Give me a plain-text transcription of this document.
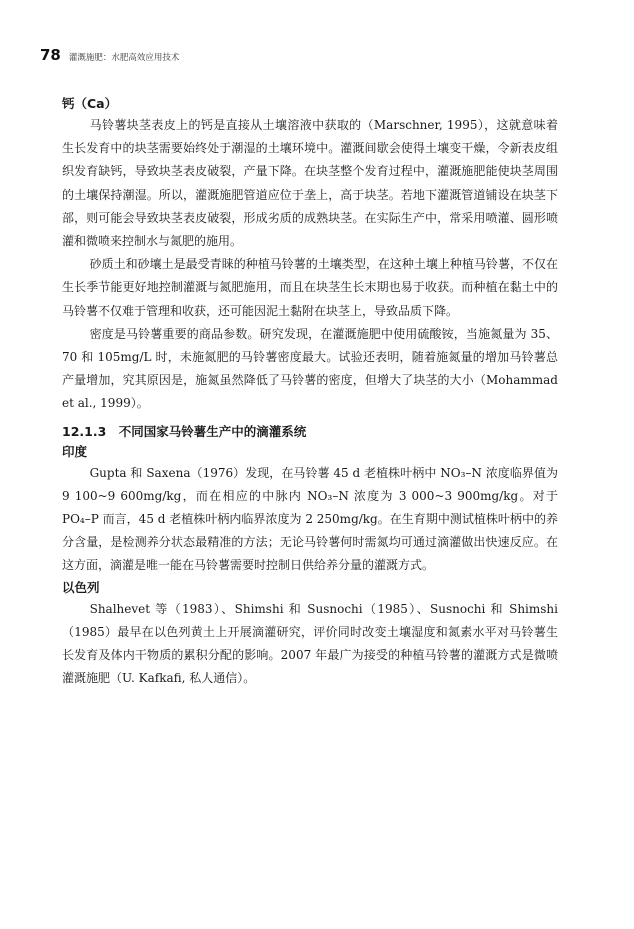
78 灌溉施肥：水肥高效应用技术

钙（Ca）

马铃薯块茎表皮上的钙是直接从土壤溶液中获取的（Marschner, 1995），这就意味着生长发育中的块茎需要始终处于潮湿的土壤环境中。灌溉间歇会使得土壤变干燥，令新表皮组织发育缺钙，导致块茎表皮破裂，产量下降。在块茎整个发育过程中，灌溉施肥能使块茎周围的土壤保持潮湿。所以，灌溉施肥管道应位于垄上，高于块茎。若地下灌溉管道铺设在块茎下部，则可能会导致块茎表皮破裂，形成劣质的成熟块茎。在实际生产中，常采用喷灌、圆形喷灌和微喷来控制水与氮肥的施用。

砂质土和砂壤土是最受青睐的种植马铃薯的土壤类型，在这种土壤上种植马铃薯，不仅在生长季节能更好地控制灌溉与氮肥施用，而且在块茎生长末期也易于收获。而种植在黏土中的马铃薯不仅难于管理和收获，还可能因泥土黏附在块茎上，导致品质下降。

密度是马铃薯重要的商品参数。研究发现，在灌溉施肥中使用硫酸铵，当施氮量为 35、70 和 105mg/L 时，未施氮肥的马铃薯密度最大。试验还表明，随着施氮量的增加马铃薯总产量增加，究其原因是，施氮虽然降低了马铃薯的密度，但增大了块茎的大小（Mohammad et al., 1999）。

12.1.3　不同国家马铃薯生产中的滴灌系统

印度

Gupta 和 Saxena（1976）发现，在马铃薯 45 d 老植株叶柄中 NO₃–N 浓度临界值为 9 100~9 600mg/kg，而在相应的中脉内 NO₃–N 浓度为 3 000~3 900mg/kg。对于 PO₄–P 而言，45 d 老植株叶柄内临界浓度为 2 250mg/kg。在生育期中测试植株叶柄中的养分含量，是检测养分状态最精准的方法；无论马铃薯何时需氮均可通过滴灌做出快速反应。在这方面，滴灌是唯一能在马铃薯需要时控制日供给养分量的灌溉方式。

以色列

Shalhevet 等（1983）、Shimshi 和 Susnochi（1985）、Susnochi 和 Shimshi（1985）最早在以色列黄土上开展滴灌研究，评价同时改变土壤湿度和氮素水平对马铃薯生长发育及体内干物质的累积分配的影响。2007 年最广为接受的种植马铃薯的灌溉方式是微喷灌溉施肥（U. Kafkafi, 私人通信）。
